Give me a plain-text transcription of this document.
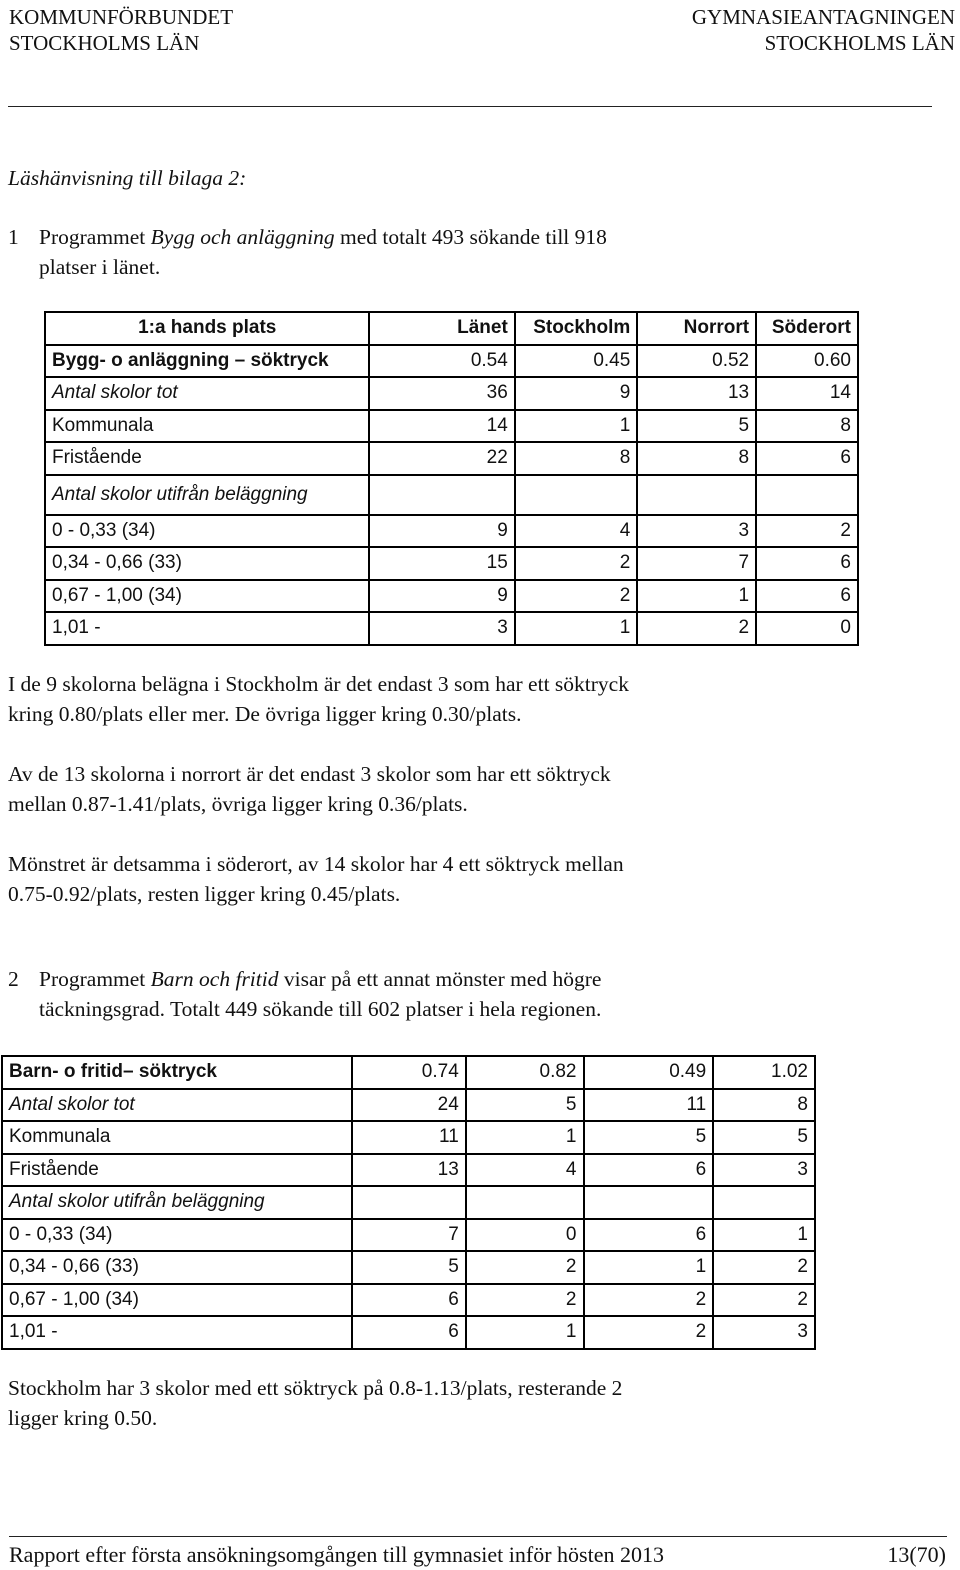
KOMMUNFÖRBUNDET
STOCKHOLMS LÄN
GYMNASIEANTAGNINGEN
STOCKHOLMS LÄN

Läshänvisning till bilaga 2:

1 Programmet Bygg och anläggning med totalt 493 sökande till 918

platser i länet.

1:a hands plats	Länet	Stockholm	Norrort	Söderort
Bygg- o anläggning – söktryck	0.54	0.45	0.52	0.60
Antal skolor tot	36	9	13	14
Kommunala	14	1	5	8
Fristående	22	8	8	6
Antal skolor utifrån beläggning				
0 - 0,33 (34)	9	4	3	2
0,34 - 0,66 (33)	15	2	7	6
0,67 - 1,00 (34)	9	2	1	6
1,01 -	3	1	2	0

I de 9 skolorna belägna i Stockholm är det endast 3 som har ett söktryck

kring 0.80/plats eller mer. De övriga ligger kring 0.30/plats.

Av de 13 skolorna i norrort är det endast 3 skolor som har ett söktryck

mellan 0.87-1.41/plats, övriga ligger kring 0.36/plats.

Mönstret är detsamma i söderort, av 14 skolor har 4 ett söktryck mellan

0.75-0.92/plats, resten ligger kring 0.45/plats.

2 Programmet Barn och fritid visar på ett annat mönster med högre

täckningsgrad. Totalt 449 sökande till 602 platser i hela regionen.

Barn- o fritid– söktryck	0.74	0.82	0.49	1.02
Antal skolor tot	24	5	11	8
Kommunala	11	1	5	5
Fristående	13	4	6	3
Antal skolor utifrån beläggning				
0 - 0,33 (34)	7	0	6	1
0,34 - 0,66 (33)	5	2	1	2
0,67 - 1,00 (34)	6	2	2	2
1,01 -	6	1	2	3

Stockholm har 3 skolor med ett söktryck på 0.8-1.13/plats, resterande 2

ligger kring 0.50.

Rapport efter första ansökningsomgången till gymnasiet inför hösten 2013	13(70)
